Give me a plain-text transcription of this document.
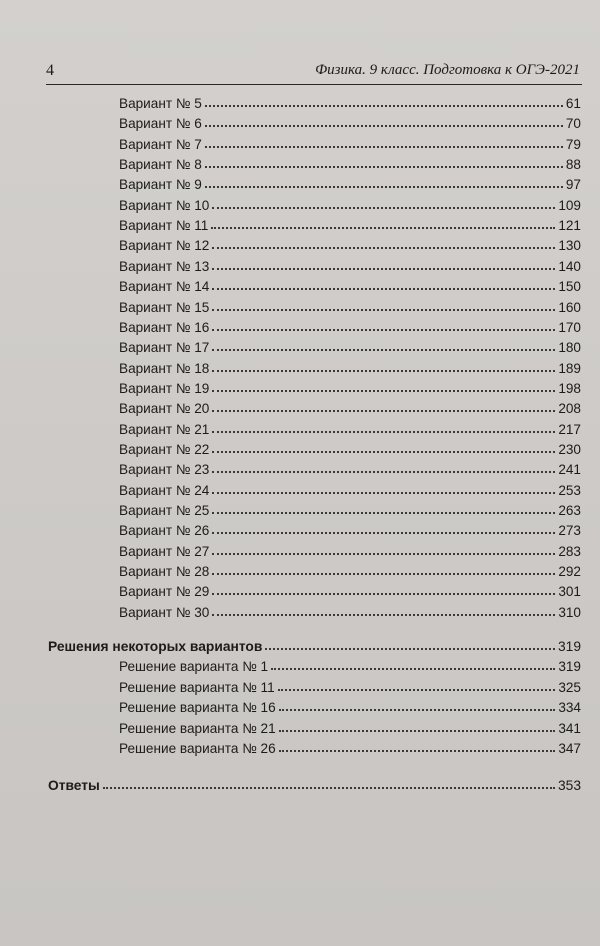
4	Физика. 9 класс. Подготовка к ОГЭ-2021
Вариант № 5	61
Вариант № 6	70
Вариант № 7	79
Вариант № 8	88
Вариант № 9	97
Вариант № 10	109
Вариант № 11	121
Вариант № 12	130
Вариант № 13	140
Вариант № 14	150
Вариант № 15	160
Вариант № 16	170
Вариант № 17	180
Вариант № 18	189
Вариант № 19	198
Вариант № 20	208
Вариант № 21	217
Вариант № 22	230
Вариант № 23	241
Вариант № 24	253
Вариант № 25	263
Вариант № 26	273
Вариант № 27	283
Вариант № 28	292
Вариант № 29	301
Вариант № 30	310
Решения некоторых вариантов	319
Решение варианта № 1	319
Решение варианта № 11	325
Решение варианта № 16	334
Решение варианта № 21	341
Решение варианта № 26	347
Ответы	353
